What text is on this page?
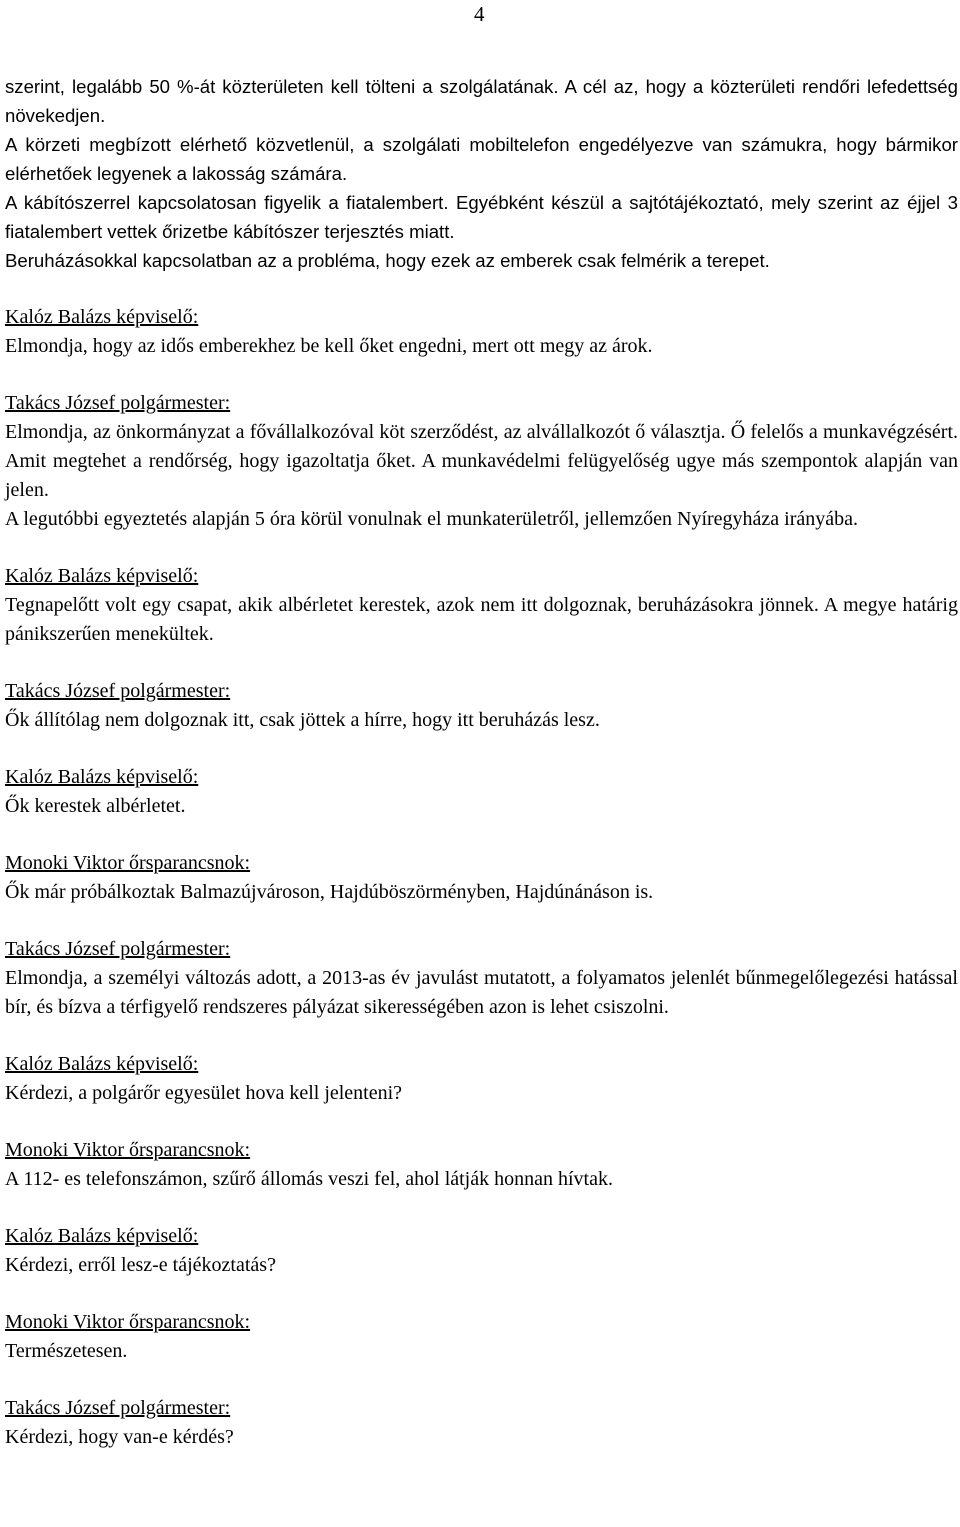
4

szerint, legalább 50 %-át közterületen kell tölteni a szolgálatának. A cél az, hogy a közterületi rendőri lefedettség növekedjen.

A körzeti megbízott elérhető közvetlenül, a szolgálati mobiltelefon engedélyezve van számukra, hogy bármikor elérhetőek legyenek a lakosság számára.

A kábítószerrel kapcsolatosan figyelik a fiatalembert. Egyébként készül a sajtótájékoztató, mely szerint az éjjel 3 fiatalembert vettek őrizetbe kábítószer terjesztés miatt.

Beruházásokkal kapcsolatban az a probléma, hogy ezek az emberek csak felmérik a terepet.

Kalóz Balázs képviselő:

Elmondja, hogy az idős emberekhez be kell őket engedni, mert ott megy az árok.

Takács József polgármester:

Elmondja, az önkormányzat a fővállalkozóval köt szerződést, az alvállalkozót ő választja. Ő felelős a munkavégzésért. Amit megtehet a rendőrség, hogy igazoltatja őket. A munkavédelmi felügyelőség ugye más szempontok alapján van jelen.

A legutóbbi egyeztetés alapján 5 óra körül vonulnak el munkaterületről, jellemzően Nyíregyháza irányába.

Kalóz Balázs képviselő:

Tegnapelőtt volt egy csapat, akik albérletet kerestek, azok nem itt dolgoznak, beruházásokra jönnek. A megye határig pánikszerűen menekültek.

Takács József polgármester:

Ők állítólag nem dolgoznak itt, csak jöttek a hírre, hogy itt beruházás lesz.

Kalóz Balázs képviselő:

Ők kerestek albérletet.

Monoki Viktor őrsparancsnok:

Ők már próbálkoztak Balmazújvároson, Hajdúböszörményben, Hajdúnánáson is.

Takács József polgármester:

Elmondja, a személyi változás adott, a 2013-as év javulást mutatott, a folyamatos jelenlét bűnmegelőlegezési hatással bír, és bízva a térfigyelő rendszeres pályázat sikerességében azon is lehet csiszolni.

Kalóz Balázs képviselő:

Kérdezi, a polgárőr egyesület hova kell jelenteni?

Monoki Viktor őrsparancsnok:

A 112- es telefonszámon, szűrő állomás veszi fel, ahol látják honnan hívtak.

Kalóz Balázs képviselő:

Kérdezi, erről lesz-e tájékoztatás?

Monoki Viktor őrsparancsnok:

Természetesen.

Takács József polgármester:

Kérdezi, hogy van-e kérdés?
